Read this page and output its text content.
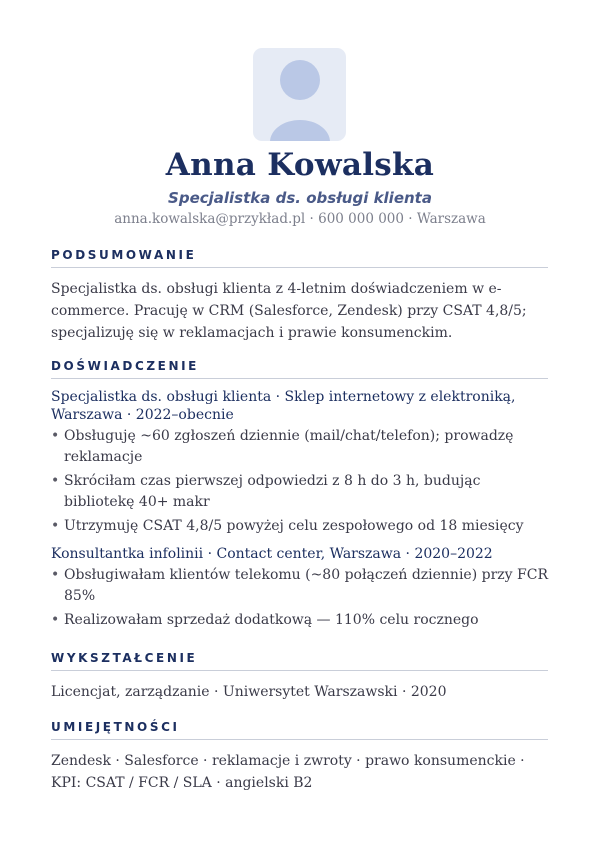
Anna Kowalska
Specjalistka ds. obsługi klienta
anna.kowalska@przykład.pl · 600 000 000 · Warszawa
PODSUMOWANIE
Specjalistka ds. obsługi klienta z 4-letnim doświadczeniem w e-commerce. Pracuję w CRM (Salesforce, Zendesk) przy CSAT 4,8/5; specjalizuję się w reklamacjach i prawie konsumenckim.
DOŚWIADCZENIE
Specjalistka ds. obsługi klienta · Sklep internetowy z elektroniką, Warszawa · 2022–obecnie
• Obsługuję ~60 zgłoszeń dziennie (mail/chat/telefon); prowadzę reklamacje
• Skróciłam czas pierwszej odpowiedzi z 8 h do 3 h, budując bibliotekę 40+ makr
• Utrzymuję CSAT 4,8/5 powyżej celu zespołowego od 18 miesięcy
Konsultantka infolinii · Contact center, Warszawa · 2020–2022
• Obsługiwałam klientów telekomu (~80 połączeń dziennie) przy FCR 85%
• Realizowałam sprzedaż dodatkową — 110% celu rocznego
WYKSZTAŁCENIE
Licencjat, zarządzanie · Uniwersytet Warszawski · 2020
UMIEJĘTNOŚCI
Zendesk · Salesforce · reklamacje i zwroty · prawo konsumenckie · KPI: CSAT / FCR / SLA · angielski B2
